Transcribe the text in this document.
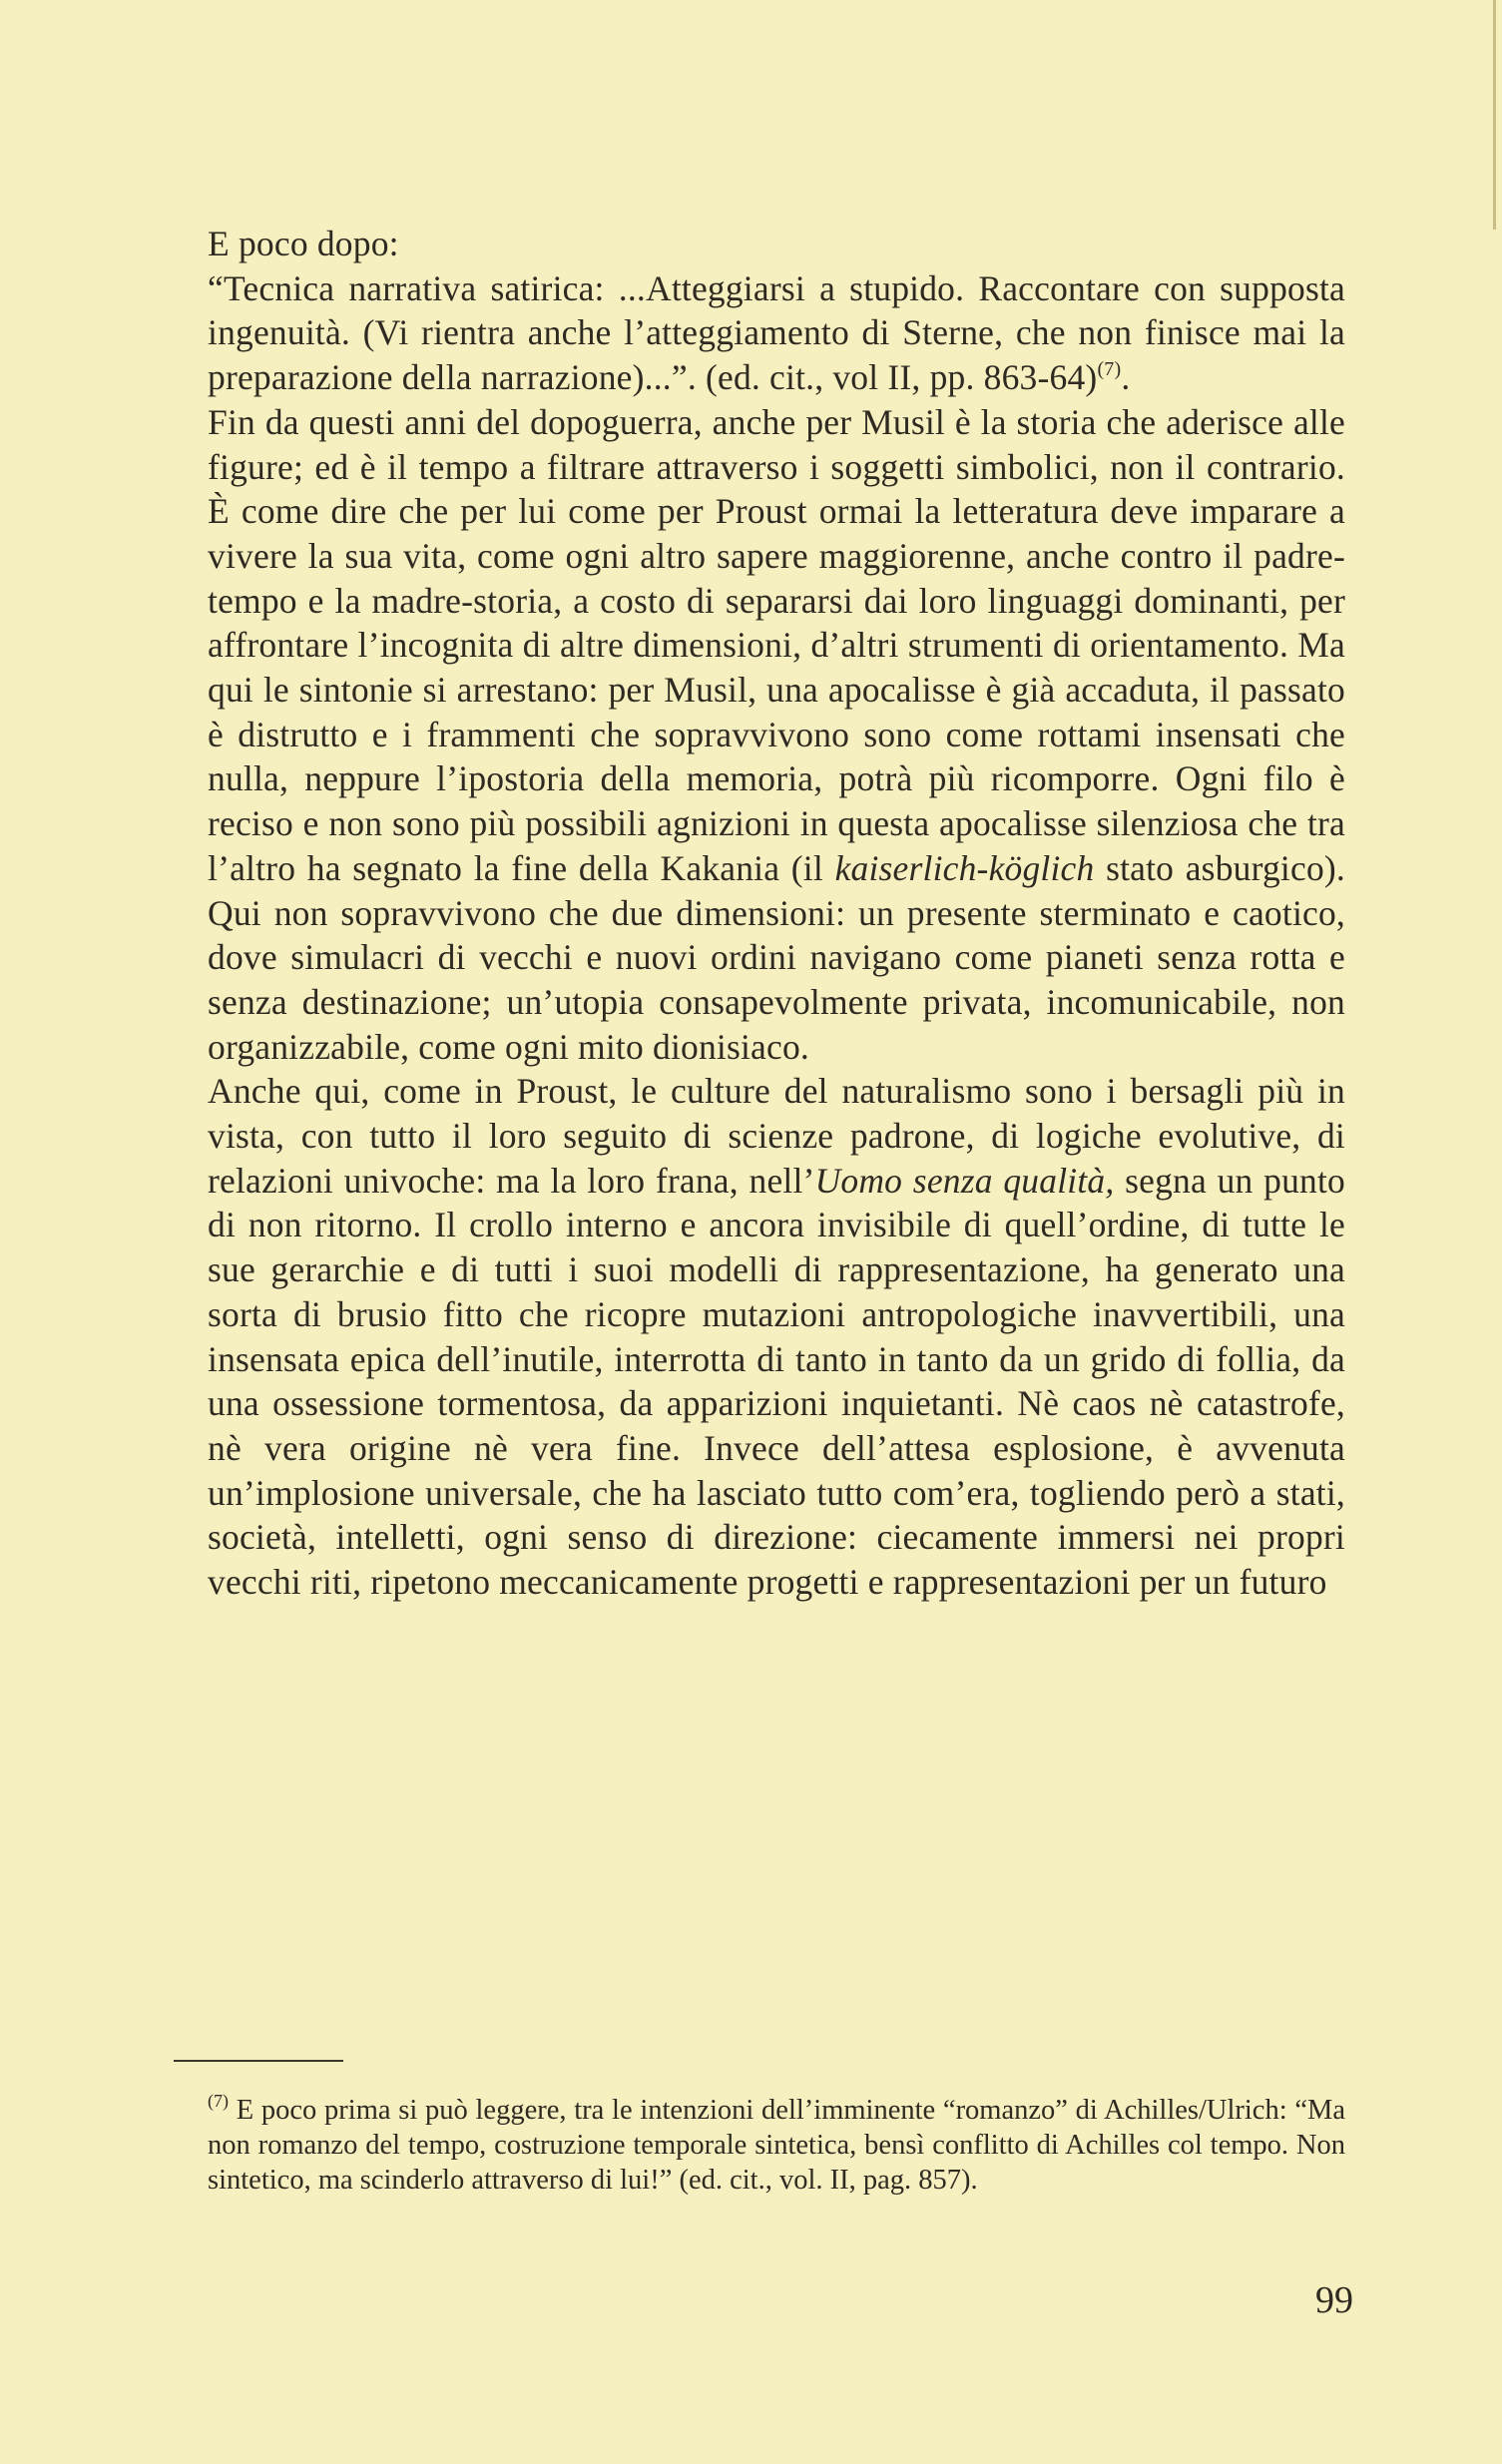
E poco dopo:

“Tecnica narrativa satirica: ...Atteggiarsi a stupido. Raccontare con supposta ingenuità. (Vi rientra anche l’atteggiamento di Sterne, che non finisce mai la preparazione della narrazione)...”. (ed. cit., vol II, pp. 863-64)$^{(7)}$.

Fin da questi anni del dopoguerra, anche per Musil è la storia che aderisce alle figure; ed è il tempo a filtrare attraverso i soggetti simbolici, non il contrario. È come dire che per lui come per Proust ormai la letteratura deve imparare a vivere la sua vita, come ogni altro sapere maggiorenne, anche contro il padre-tempo e la madre-storia, a costo di separarsi dai loro linguaggi dominanti, per affrontare l’incognita di altre dimensioni, d’altri strumenti di orientamento. Ma qui le sintonie si arrestano: per Musil, una apocalisse è già accaduta, il passato è distrutto e i frammenti che sopravvivono sono come rottami insensati che nulla, neppure l’ipostoria della memoria, potrà più ricomporre. Ogni filo è reciso e non sono più possibili agnizioni in questa apocalisse silenziosa che tra l’altro ha segnato la fine della Kakania (il kaiserlich-köglich stato asburgico). Qui non sopravvivono che due dimensioni: un presente sterminato e caotico, dove simulacri di vecchi e nuovi ordini navigano come pianeti senza rotta e senza destinazione; un’utopia consapevolmente privata, incomunicabile, non organizzabile, come ogni mito dionisiaco.

Anche qui, come in Proust, le culture del naturalismo sono i bersagli più in vista, con tutto il loro seguito di scienze padrone, di logiche evolutive, di relazioni univoche: ma la loro frana, nell’Uomo senza qualità, segna un punto di non ritorno. Il crollo interno e ancora invisibile di quell’ordine, di tutte le sue gerarchie e di tutti i suoi modelli di rappresentazione, ha generato una sorta di brusio fitto che ricopre mutazioni antropologiche inavvertibili, una insensata epica dell’inutile, interrotta di tanto in tanto da un grido di follia, da una ossessione tormentosa, da apparizioni inquietanti. Nè caos nè catastrofe, nè vera origine nè vera fine. Invece dell’attesa esplosione, è avvenuta un’implosione universale, che ha lasciato tutto com’era, togliendo però a stati, società, intelletti, ogni senso di direzione: ciecamente immersi nei propri vecchi riti, ripetono meccanicamente progetti e rappresentazioni per un futuro

$^{(7)}$ E poco prima si può leggere, tra le intenzioni dell’imminente “romanzo” di Achilles/Ulrich: “Ma non romanzo del tempo, costruzione temporale sintetica, bensì conflitto di Achilles col tempo. Non sintetico, ma scinderlo attraverso di lui!” (ed. cit., vol. II, pag. 857).
99
